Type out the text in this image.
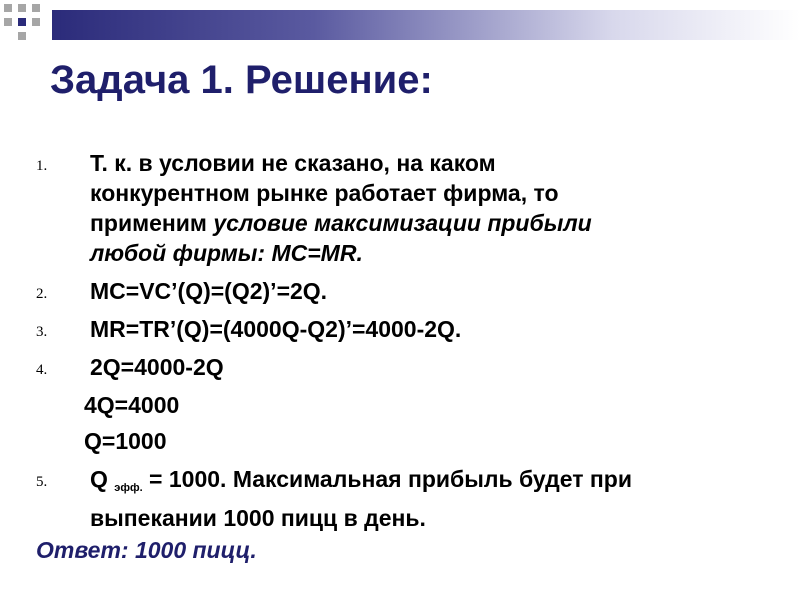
Задача 1. Решение:
1. Т. к. в условии не сказано, на каком
конкурентном рынке работает фирма, то
применим условие максимизации прибыли
любой фирмы: MC=MR.
2. MC=VC’(Q)=(Q2)’=2Q.
3. MR=TR’(Q)=(4000Q-Q2)’=4000-2Q.
4. 2Q=4000-2Q
4Q=4000
Q=1000
5. Q $_{эфф.}$ = 1000. Максимальная прибыль будет при
выпекании 1000 пицц в день.
Ответ: 1000 пицц.
